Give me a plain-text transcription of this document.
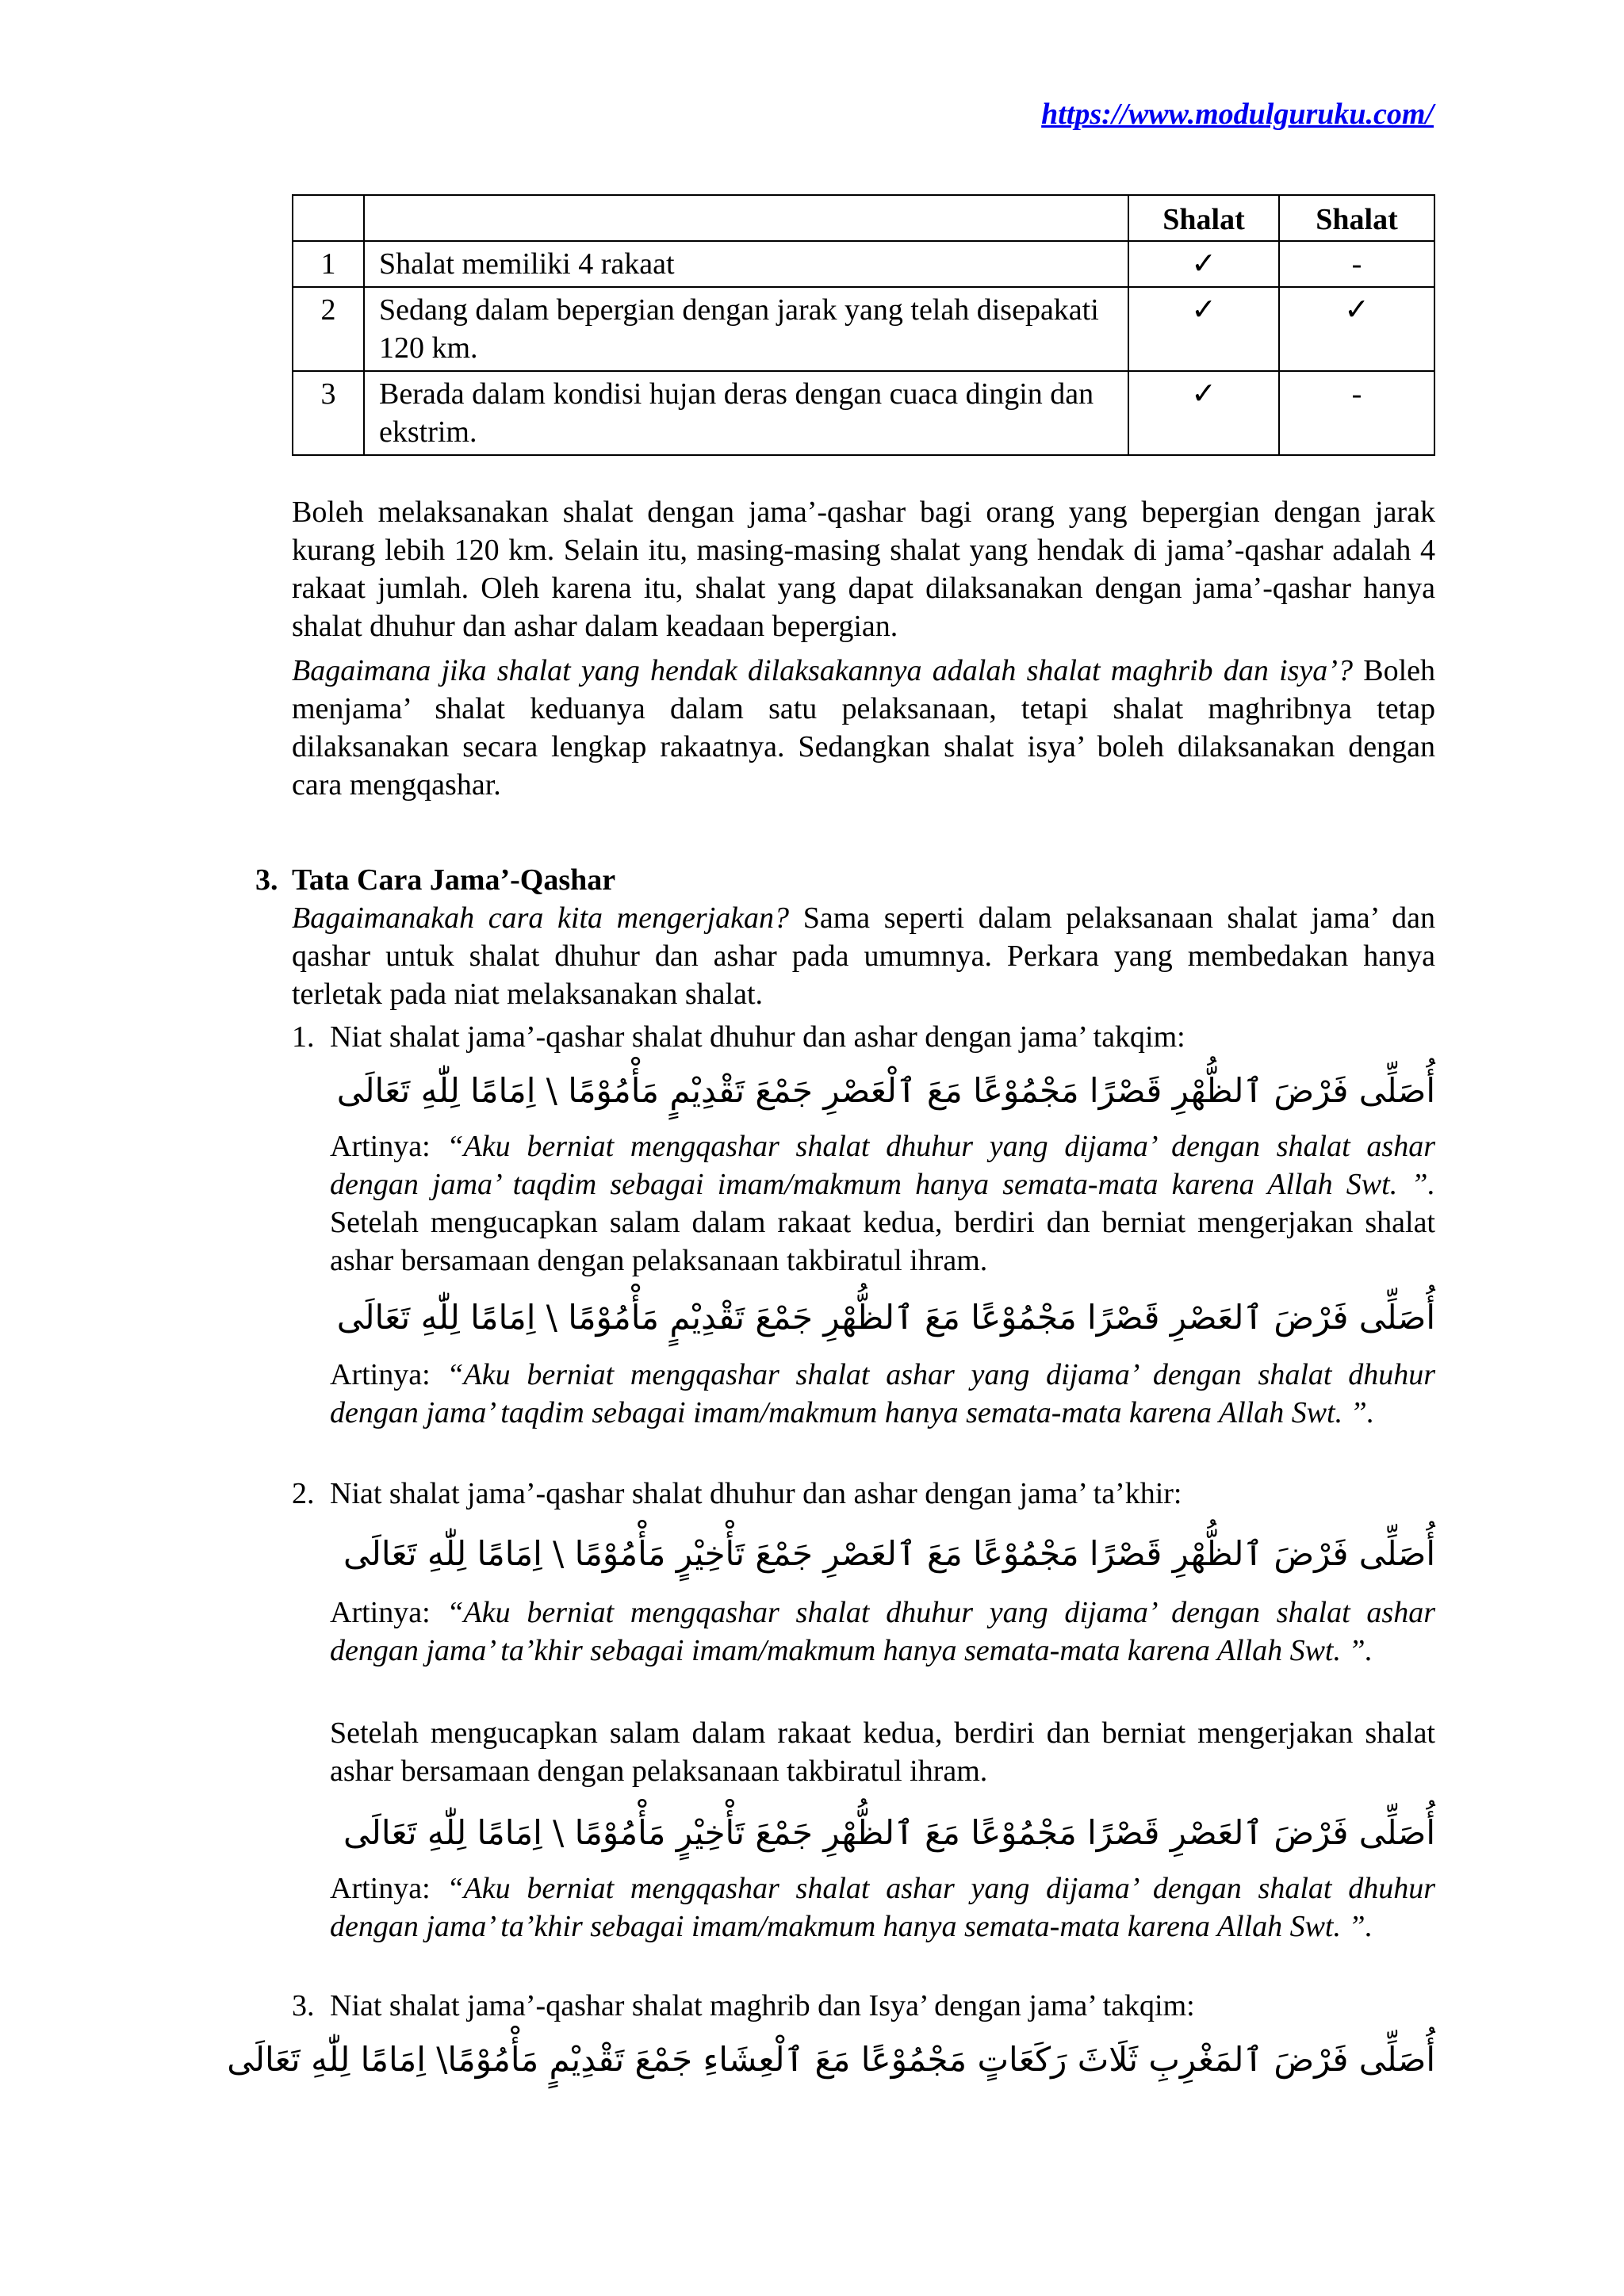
https://www.modulguruku.com/
		Shalat	Shalat
1	Shalat memiliki 4 rakaat	✓	-
2	Sedang dalam bepergian dengan jarak yang telah disepakati 120 km.	✓	✓
3	Berada dalam kondisi hujan deras dengan cuaca dingin dan ekstrim.	✓	-

Boleh melaksanakan shalat dengan jama’-qashar bagi orang yang bepergian dengan jarak kurang lebih 120 km. Selain itu, masing-masing shalat yang hendak di jama’-qashar adalah 4 rakaat jumlah. Oleh karena itu, shalat yang dapat dilaksanakan dengan jama’-qashar hanya shalat dhuhur dan ashar dalam keadaan bepergian.

Bagaimana jika shalat yang hendak dilaksakannya adalah shalat maghrib dan isya’? Boleh menjama’ shalat keduanya dalam satu pelaksanaan, tetapi shalat maghribnya tetap dilaksanakan secara lengkap rakaatnya. Sedangkan shalat isya’ boleh dilaksanakan dengan cara mengqashar.

3. Tata Cara Jama’-Qashar

Bagaimanakah cara kita mengerjakan? Sama seperti dalam pelaksanaan shalat jama’ dan qashar untuk shalat dhuhur dan ashar pada umumnya. Perkara yang membedakan hanya terletak pada niat melaksanakan shalat.

1. Niat shalat jama’-qashar shalat dhuhur dan ashar dengan jama’ takqim:
أُصَلِّى فَرْضَ ٱلظُّهْرِ قَصْرًا مَجْمُوْعًا مَعَ ٱلْعَصْرِ جَمْعَ تَقْدِيْمٍ مَأْمُوْمًا \ اِمَامًا لِلّٰهِ تَعَالَى

Artinya: “Aku berniat mengqashar shalat dhuhur yang dijama’ dengan shalat ashar dengan jama’ taqdim sebagai imam/makmum hanya semata-mata karena Allah Swt. ”. Setelah mengucapkan salam dalam rakaat kedua, berdiri dan berniat mengerjakan shalat ashar bersamaan dengan pelaksanaan takbiratul ihram.

أُصَلِّى فَرْضَ ٱلعَصْرِ قَصْرًا مَجْمُوْعًا مَعَ ٱلظُّهْرِ جَمْعَ تَقْدِيْمٍ مَأْمُوْمًا \ اِمَامًا لِلّٰهِ تَعَالَى

Artinya: “Aku berniat mengqashar shalat ashar yang dijama’ dengan shalat dhuhur dengan jama’ taqdim sebagai imam/makmum hanya semata-mata karena Allah Swt. ”.

2. Niat shalat jama’-qashar shalat dhuhur dan ashar dengan jama’ ta’khir:
أُصَلِّى فَرْضَ ٱلظُّهْرِ قَصْرًا مَجْمُوْعًا مَعَ ٱلعَصْرِ جَمْعَ تَأْخِيْرٍ مَأْمُوْمًا \ اِمَامًا لِلّٰهِ تَعَالَى

Artinya: “Aku berniat mengqashar shalat dhuhur yang dijama’ dengan shalat ashar dengan jama’ ta’khir sebagai imam/makmum hanya semata-mata karena Allah Swt. ”.

Setelah mengucapkan salam dalam rakaat kedua, berdiri dan berniat mengerjakan shalat ashar bersamaan dengan pelaksanaan takbiratul ihram.

أُصَلِّى فَرْضَ ٱلعَصْرِ قَصْرًا مَجْمُوْعًا مَعَ ٱلظُّهْرِ جَمْعَ تَأْخِيْرٍ مَأْمُوْمًا \ اِمَامًا لِلّٰهِ تَعَالَى

Artinya: “Aku berniat mengqashar shalat ashar yang dijama’ dengan shalat dhuhur dengan jama’ ta’khir sebagai imam/makmum hanya semata-mata karena Allah Swt. ”.

3. Niat shalat jama’-qashar shalat maghrib dan Isya’ dengan jama’ takqim:
أُصَلِّى فَرْضَ ٱلمَغْرِبِ ثَلَاثَ رَكَعَاتٍ مَجْمُوْعًا مَعَ ٱلْعِشَاءِ جَمْعَ تَقْدِيْمٍ مَأْمُوْمًا\ اِمَامًا لِلّٰهِ تَعَالَى
